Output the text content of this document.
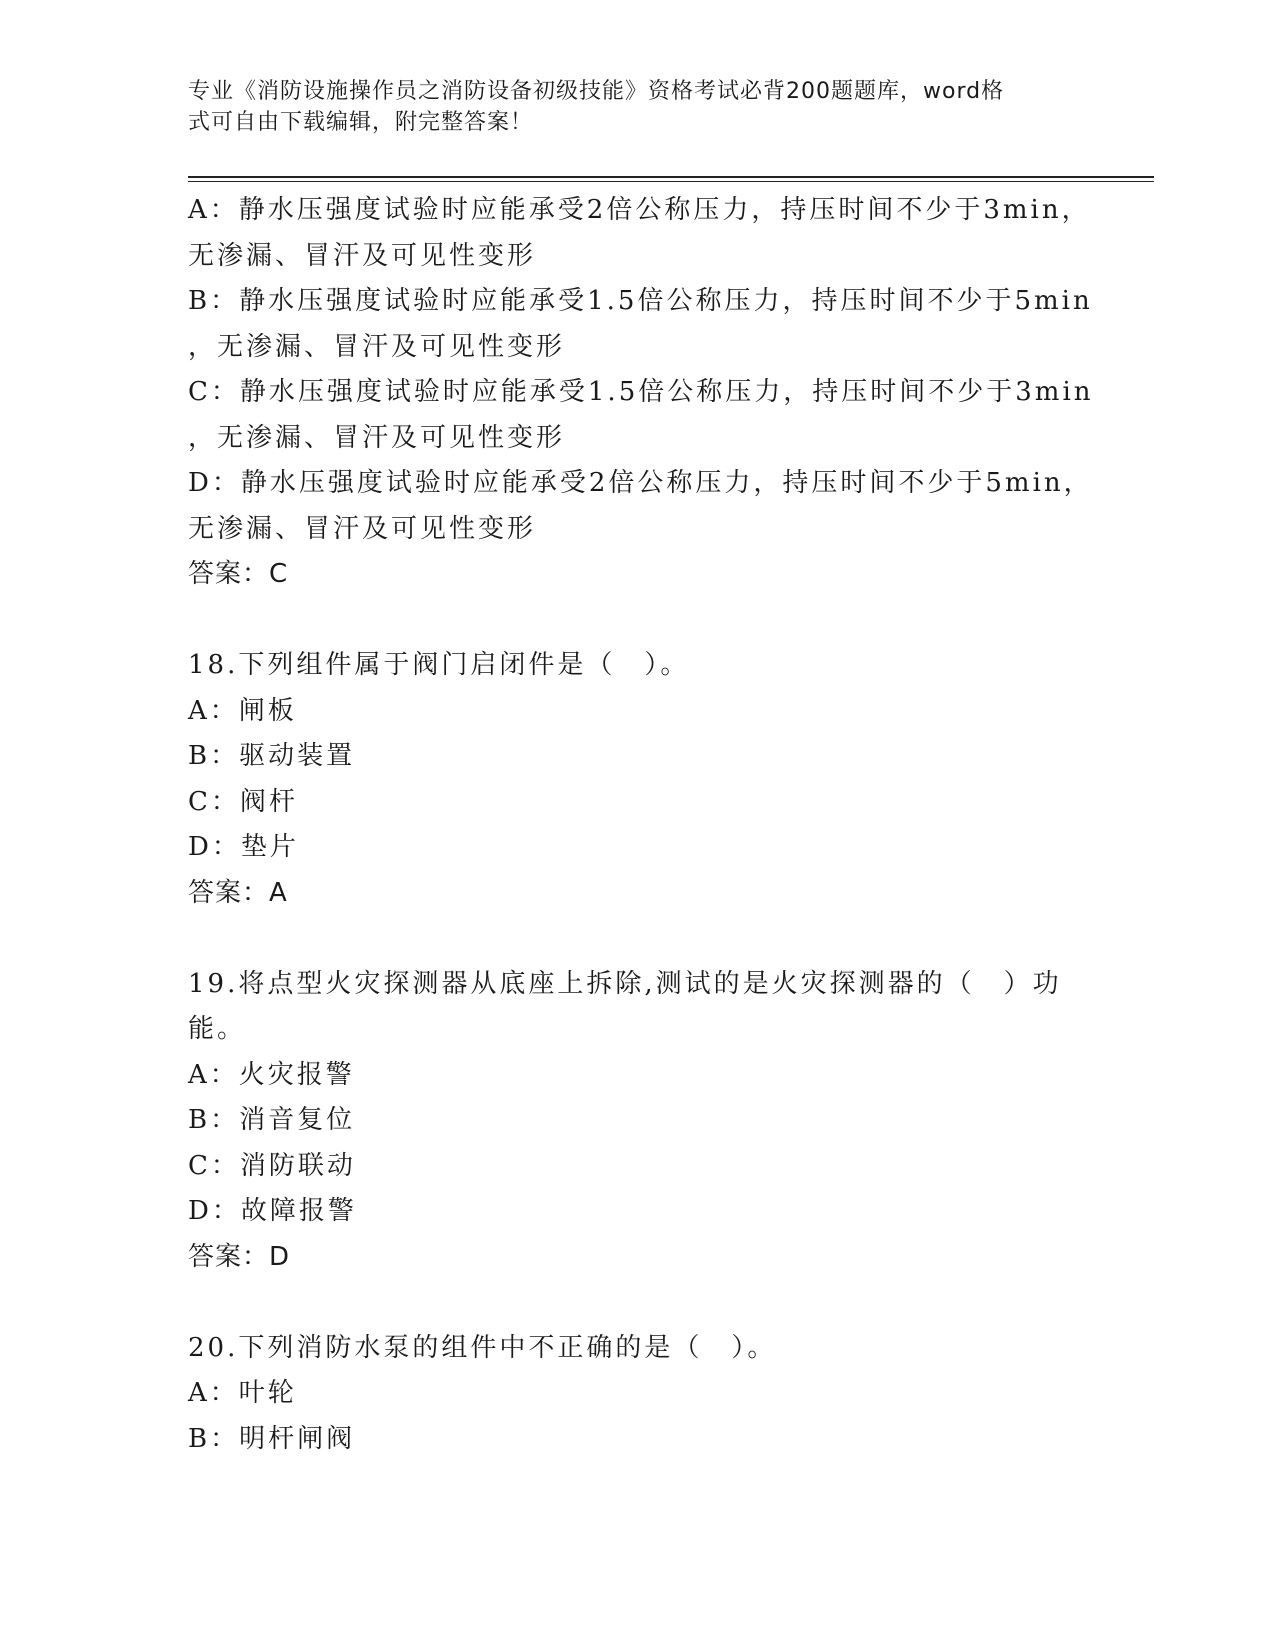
专业《消防设施操作员之消防设备初级技能》资格考试必背200题题库，word格
式可自由下载编辑，附完整答案！
A：静水压强度试验时应能承受2倍公称压力，持压时间不少于3min，
无渗漏、冒汗及可见性变形
B：静水压强度试验时应能承受1.5倍公称压力，持压时间不少于5min
，无渗漏、冒汗及可见性变形
C：静水压强度试验时应能承受1.5倍公称压力，持压时间不少于3min
，无渗漏、冒汗及可见性变形
D：静水压强度试验时应能承受2倍公称压力，持压时间不少于5min，
无渗漏、冒汗及可见性变形
答案：C
18.下列组件属于阀门启闭件是（　）。
A：闸板
B：驱动装置
C：阀杆
D：垫片
答案：A
19.将点型火灾探测器从底座上拆除,测试的是火灾探测器的（　）功
能。
A：火灾报警
B：消音复位
C：消防联动
D：故障报警
答案：D
20.下列消防水泵的组件中不正确的是（　）。
A：叶轮
B：明杆闸阀
